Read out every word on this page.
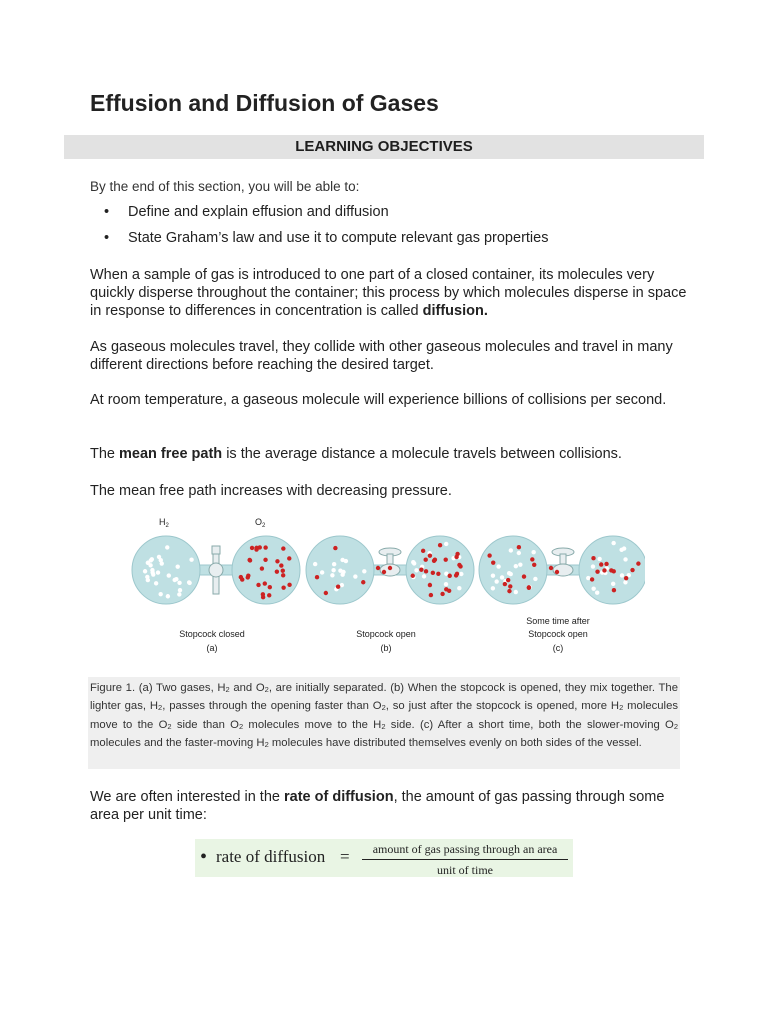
Effusion and Diffusion of Gases
LEARNING OBJECTIVES
By the end of this section, you will be able to:
• Define and explain effusion and diffusion
• State Graham’s law and use it to compute relevant gas properties

When a sample of gas is introduced to one part of a closed container, its molecules very quickly disperse throughout the container; this process by which molecules disperse in space in response to differences in concentration is called diffusion.

As gaseous molecules travel, they collide with other gaseous molecules and travel in many different directions before reaching the desired target.

At room temperature, a gaseous molecule will experience billions of collisions per second.

The mean free path is the average distance a molecule travels between collisions.

The mean free path increases with decreasing pressure.

$H_2$	$O_2$
Stopcock closed
(a)
Stopcock open
(b)
Some time after
Stopcock open
(c)

Figure 1. (a) Two gases, $H_2$ and $O_2$, are initially separated. (b) When the stopcock is opened, they mix together. The lighter gas, $H_2$, passes through the opening faster than $O_2$, so just after the stopcock is opened, more $H_2$ molecules move to the $O_2$ side than $O_2$ molecules move to the $H_2$ side. (c) After a short time, both the slower-moving $O_2$ molecules and the faster-moving $H_2$ molecules have distributed themselves evenly on both sides of the vessel.

We are often interested in the rate of diffusion, the amount of gas passing through some area per unit time:

• rate of diffusion =	amount of gas passing through an area
unit of time
